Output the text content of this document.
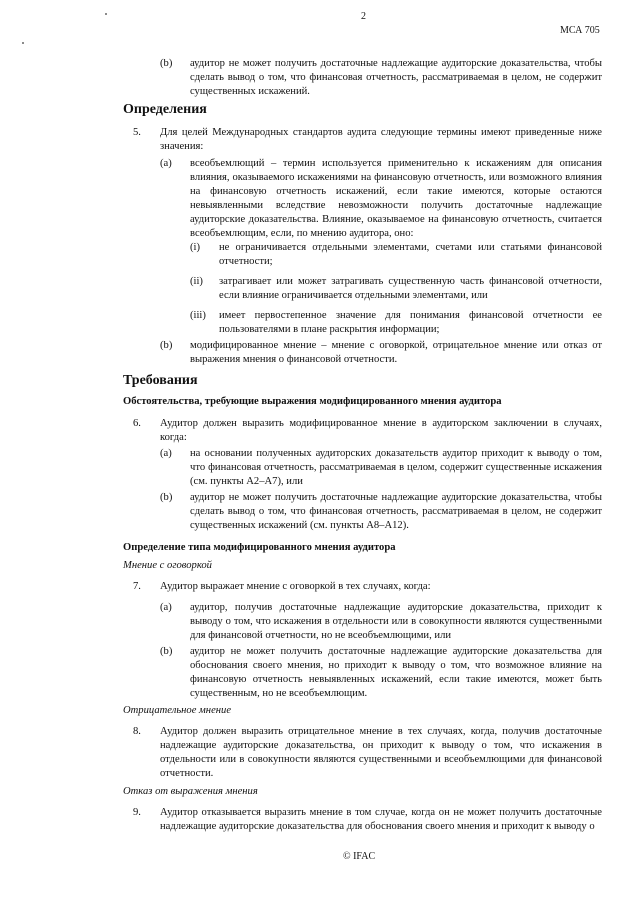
2
МСА 705
(b) аудитор не может получить достаточные надлежащие аудиторские доказательства, чтобы сделать вывод о том, что финансовая отчетность, рассматриваемая в целом, не содержит существенных искажений.
Определения
5. Для целей Международных стандартов аудита следующие термины имеют приведенные ниже значения:
(a) всеобъемлющий – термин используется применительно к искажениям для описания влияния, оказываемого искажениями на финансовую отчетность, или возможного влияния на финансовую отчетность искажений, если такие имеются, которые остаются невыявленными вследствие невозможности получить достаточные надлежащие аудиторские доказательства. Влияние, оказываемое на финансовую отчетность, считается всеобъемлющим, если, по мнению аудитора, оно:
(i) не ограничивается отдельными элементами, счетами или статьями финансовой отчетности;
(ii) затрагивает или может затрагивать существенную часть финансовой отчетности, если влияние ограничивается отдельными элементами, или
(iii) имеет первостепенное значение для понимания финансовой отчетности ее пользователями в плане раскрытия информации;
(b) модифицированное мнение – мнение с оговоркой, отрицательное мнение или отказ от выражения мнения о финансовой отчетности.
Требования
Обстоятельства, требующие выражения модифицированного мнения аудитора
6. Аудитор должен выразить модифицированное мнение в аудиторском заключении в случаях, когда:
(a) на основании полученных аудиторских доказательств аудитор приходит к выводу о том, что финансовая отчетность, рассматриваемая в целом, содержит существенные искажения (см. пункты A2–A7), или
(b) аудитор не может получить достаточные надлежащие аудиторские доказательства, чтобы сделать вывод о том, что финансовая отчетность, рассматриваемая в целом, не содержит существенных искажений (см. пункты A8–A12).
Определение типа модифицированного мнения аудитора
Мнение с оговоркой
7. Аудитор выражает мнение с оговоркой в тех случаях, когда:
(a) аудитор, получив достаточные надлежащие аудиторские доказательства, приходит к выводу о том, что искажения в отдельности или в совокупности являются существенными для финансовой отчетности, но не всеобъемлющими, или
(b) аудитор не может получить достаточные надлежащие аудиторские доказательства для обоснования своего мнения, но приходит к выводу о том, что возможное влияние на финансовую отчетность невыявленных искажений, если такие имеются, может быть существенным, но не всеобъемлющим.
Отрицательное мнение
8. Аудитор должен выразить отрицательное мнение в тех случаях, когда, получив достаточные надлежащие аудиторские доказательства, он приходит к выводу о том, что искажения в отдельности или в совокупности являются существенными и всеобъемлющими для финансовой отчетности.
Отказ от выражения мнения
9. Аудитор отказывается выразить мнение в том случае, когда он не может получить достаточные надлежащие аудиторские доказательства для обоснования своего мнения и приходит к выводу о
© IFAC
